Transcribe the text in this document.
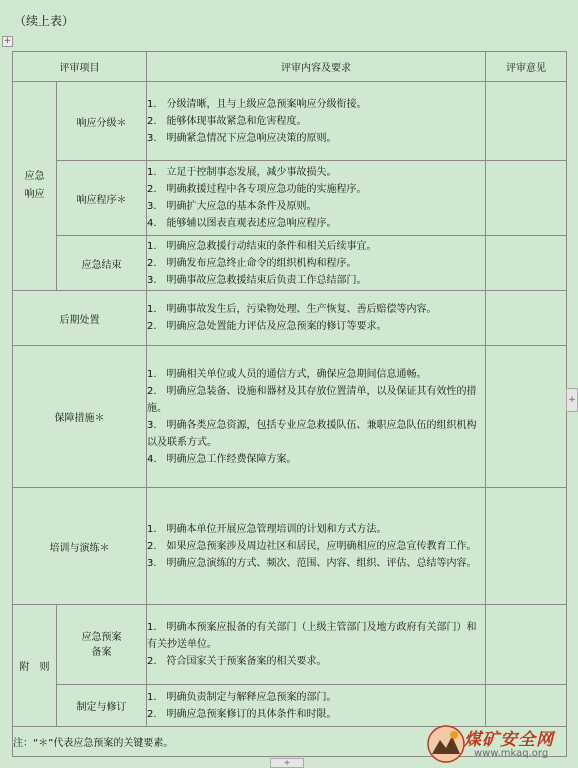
（续上表）
+
评审项目		评审内容及要求	评审意见
应急
响应	响应分级＊	1.　分级清晰，且与上级应急预案响应分级衔接。
2.　能够体现事故紧急和危害程度。
3.　明确紧急情况下应急响应决策的原则。	

	响应程序＊	1.　立足于控制事态发展，减少事故损失。
2.　明确救援过程中各专项应急功能的实施程序。
3.　明确扩大应急的基本条件及原则。
4.　能够辅以图表直观表述应急响应程序。	

	应急结束	1.　明确应急救援行动结束的条件和相关后续事宜。
2.　明确发布应急终止命令的组织机构和程序。
3.　明确事故应急救援结束后负责工作总结部门。	

后期处置		1.　明确事故发生后，污染物处理、生产恢复、善后赔偿等内容。
2.　明确应急处置能力评估及应急预案的修订等要求。	

保障措施＊		1.　明确相关单位或人员的通信方式，确保应急期间信息通畅。
2.　明确应急装备、设施和器材及其存放位置清单，以及保证其有效性的措施。
3.　明确各类应急资源，包括专业应急救援队伍、兼职应急队伍的组织机构以及联系方式。
4.　明确应急工作经费保障方案。	

培训与演练＊		1.　明确本单位开展应急管理培训的计划和方式方法。
2.　如果应急预案涉及周边社区和居民，应明确相应的应急宣传教育工作。
3.　明确应急演练的方式、频次、范围、内容、组织、评估、总结等内容。	

附　则	应急预案
备案	1.　明确本预案应报备的有关部门（上级主管部门及地方政府有关部门）和有关抄送单位。
2.　符合国家关于预案备案的相关要求。	

	制定与修订	1.　明确负责制定与解释应急预案的部门。
2.　明确应急预案修订的具体条件和时限。	

注：“＊”代表应急预案的关键要素。			
+
+
煤矿安全网
www.mkaq.org
